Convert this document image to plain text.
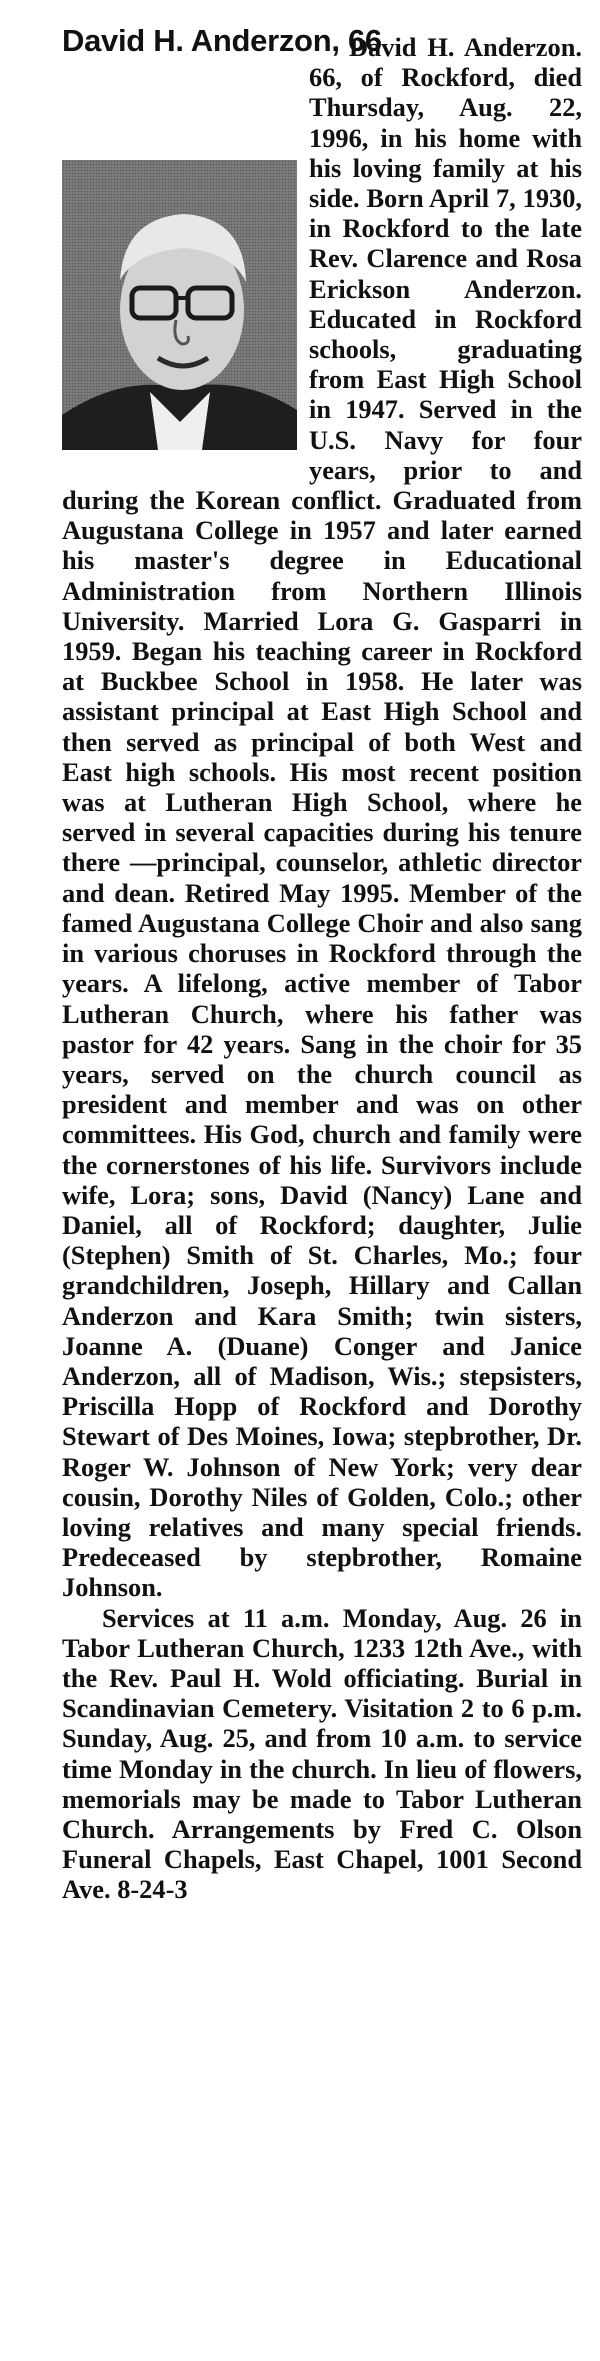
David H. Anderzon, 66

David H. Anderzon. 66, of Rockford, died Thursday, Aug. 22, 1996, in his home with his loving family at his side. Born April 7, 1930, in Rockford to the late Rev. Clarence and Rosa Erickson Anderzon. Educated in Rockford schools, graduating from East High School in 1947. Served in the U.S. Navy for four years, prior to and during the Korean conflict. Graduated from Augustana College in 1957 and later earned his master's degree in Educational Administration from Northern Illinois University. Married Lora G. Gasparri in 1959. Began his teaching career in Rockford at Buckbee School in 1958. He later was assistant principal at East High School and then served as principal of both West and East high schools. His most recent position was at Lutheran High School, where he served in several capacities during his tenure there —principal, counselor, athletic director and dean. Retired May 1995. Member of the famed Augustana College Choir and also sang in various choruses in Rockford through the years. A lifelong, active member of Tabor Lutheran Church, where his father was pastor for 42 years. Sang in the choir for 35 years, served on the church council as president and member and was on other committees. His God, church and family were the cornerstones of his life. Survivors include wife, Lora; sons, David (Nancy) Lane and Daniel, all of Rockford; daughter, Julie (Stephen) Smith of St. Charles, Mo.; four grandchildren, Joseph, Hillary and Callan Anderzon and Kara Smith; twin sisters, Joanne A. (Duane) Conger and Janice Anderzon, all of Madison, Wis.; stepsisters, Priscilla Hopp of Rockford and Dorothy Stewart of Des Moines, Iowa; stepbrother, Dr. Roger W. Johnson of New York; very dear cousin, Dorothy Niles of Golden, Colo.; other loving relatives and many special friends. Predeceased by stepbrother, Romaine Johnson.

Services at 11 a.m. Monday, Aug. 26 in Tabor Lutheran Church, 1233 12th Ave., with the Rev. Paul H. Wold officiating. Burial in Scandinavian Cemetery. Visitation 2 to 6 p.m. Sunday, Aug. 25, and from 10 a.m. to service time Monday in the church. In lieu of flowers, memorials may be made to Tabor Lutheran Church. Arrangements by Fred C. Olson Funeral Chapels, East Chapel, 1001 Second Ave. 8-24-3
